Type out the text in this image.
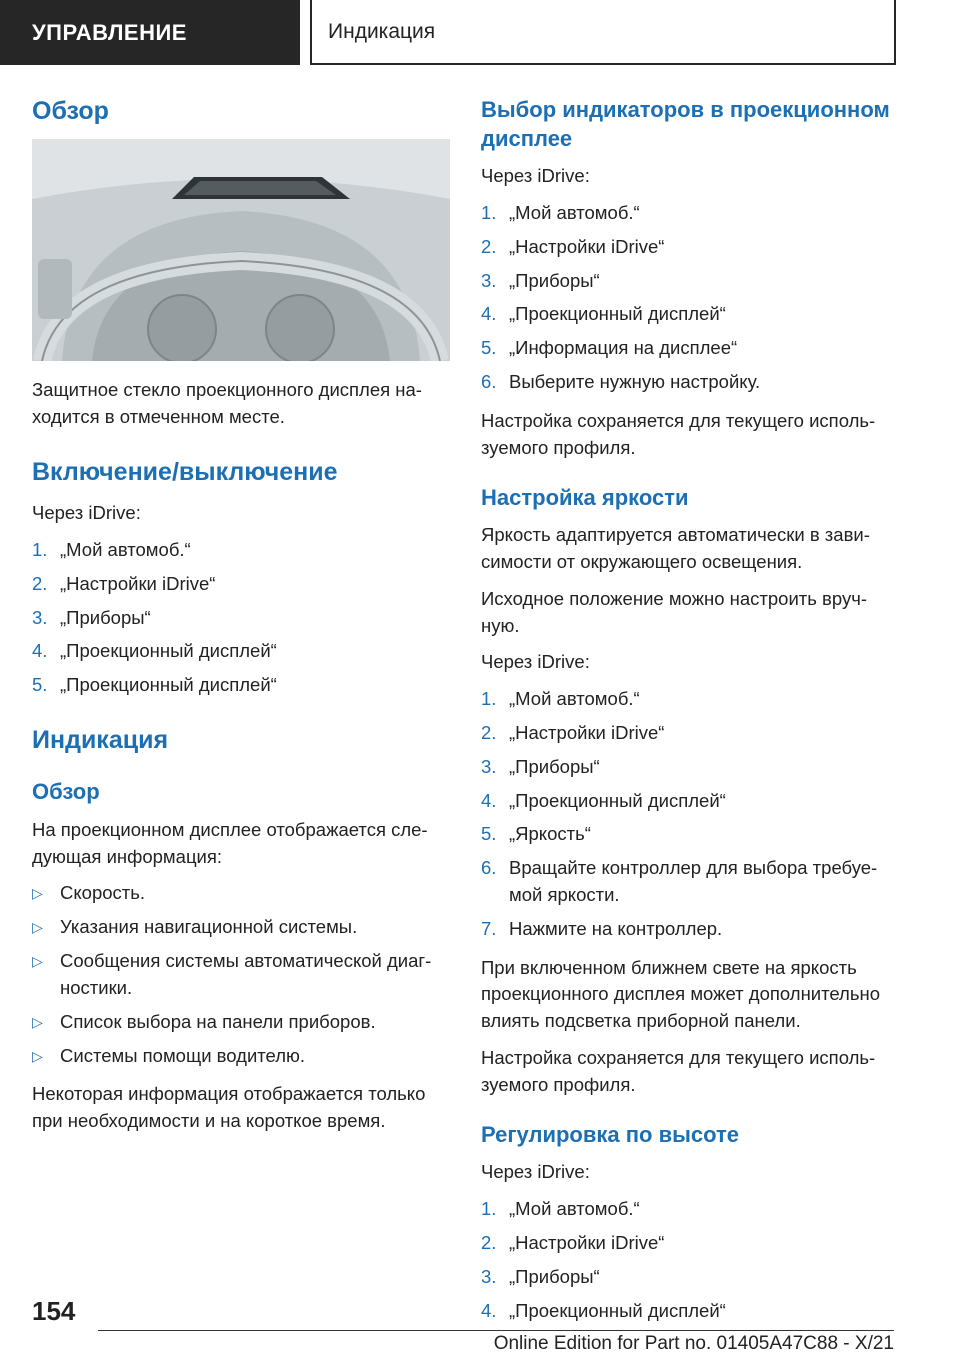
УПРАВЛЕНИЕ	Индикация
Обзор

Защитное стекло проекционного дисплея на-ходится в отмеченном месте.

Включение/выключение

Через iDrive:

1. „Мой автомоб.“
2. „Настройки iDrive“
3. „Приборы“
4. „Проекционный дисплей“
5. „Проекционный дисплей“
Индикация
Обзор

На проекционном дисплее отображается сле-дующая информация:

▷ Скорость.
▷ Указания навигационной системы.
▷ Сообщения системы автоматической диаг-ностики.
▷ Список выбора на панели приборов.
▷ Системы помощи водителю.

Некоторая информация отображается только при необходимости и на короткое время.

Выбор индикаторов в проекционном дисплее

Через iDrive:

1. „Мой автомоб.“
2. „Настройки iDrive“
3. „Приборы“
4. „Проекционный дисплей“
5. „Информация на дисплее“
6. Выберите нужную настройку.

Настройка сохраняется для текущего исполь-зуемого профиля.

Настройка яркости

Яркость адаптируется автоматически в зави-симости от окружающего освещения.

Исходное положение можно настроить вруч-ную.

Через iDrive:

1. „Мой автомоб.“
2. „Настройки iDrive“
3. „Приборы“
4. „Проекционный дисплей“
5. „Яркость“
6. Вращайте контроллер для выбора требуе-мой яркости.
7. Нажмите на контроллер.

При включенном ближнем свете на яркость проекционного дисплея может дополнительно влиять подсветка приборной панели.

Настройка сохраняется для текущего исполь-зуемого профиля.

Регулировка по высоте

Через iDrive:

1. „Мой автомоб.“
2. „Настройки iDrive“
3. „Приборы“
4. „Проекционный дисплей“
154
Online Edition for Part no. 01405A47C88 - X/21
